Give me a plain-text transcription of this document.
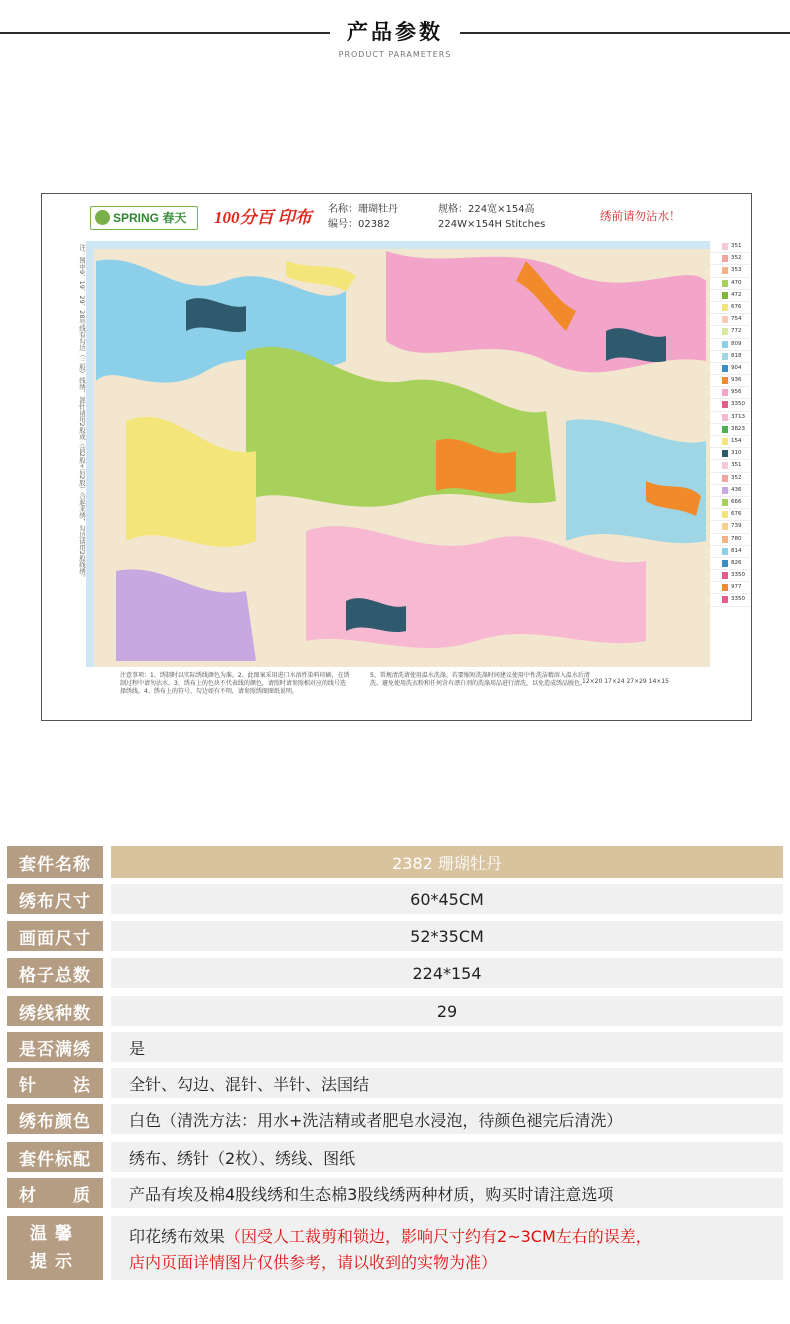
产品参数
PRODUCT PARAMETERS
SPRING 春天	100分百 印布 名称：珊瑚牡丹
编号：02382
规格：224宽×154高
224W×154H Stitches
绣前请勿沾水！
注：图中9、19、29、28号线有勾边（三股）线绣，混针请用2股或（前2股+后2股）合起来绣，勾边请用2股线绣。	351
352
353
470
472
676
754
772
809
818
904
936
956
3350
3713
3823
154
310
351
352
436
666
676
739
780
814
826
3350
977
3350
注意事项：1、绣制时以实际绣线颜色为准。2、此图案采用进口水溶性染料印刷，在绣制过程中请勿沾水。3、绣布上的色块不代表线的颜色，请照时请参照相对应的线号选择绣线。4、绣布上的符号、勾边如有不明，请参照绣图图纸说明。
5、常规清洗请使用温水洗涤，若要缩短洗涤时间建议使用中性洗洁精溶入温水后清洗。避免使用洗衣粉和任何含有漂白剂的洗涤用品进行清洗，以免造成绣品脱色。
12×20 17×24 27×29 14×15
套件名称	2382 珊瑚牡丹
绣布尺寸	60*45CM
画面尺寸	52*35CM
格子总数	224*154
绣线种数	29
是否满绣	是
针　　法	全针、勾边、混针、半针、法国结
绣布颜色	白色（清洗方法：用水+洗洁精或者肥皂水浸泡，待颜色褪完后清洗）
套件标配	绣布、绣针（2枚）、绣线、图纸
材　　质	产品有埃及棉4股线绣和生态棉3股线绣两种材质，购买时请注意选项
温馨
提示
印花绣布效果（因受人工裁剪和锁边，影响尺寸约有2~3CM左右的误差，
店内页面详情图片仅供参考，请以收到的实物为准）
